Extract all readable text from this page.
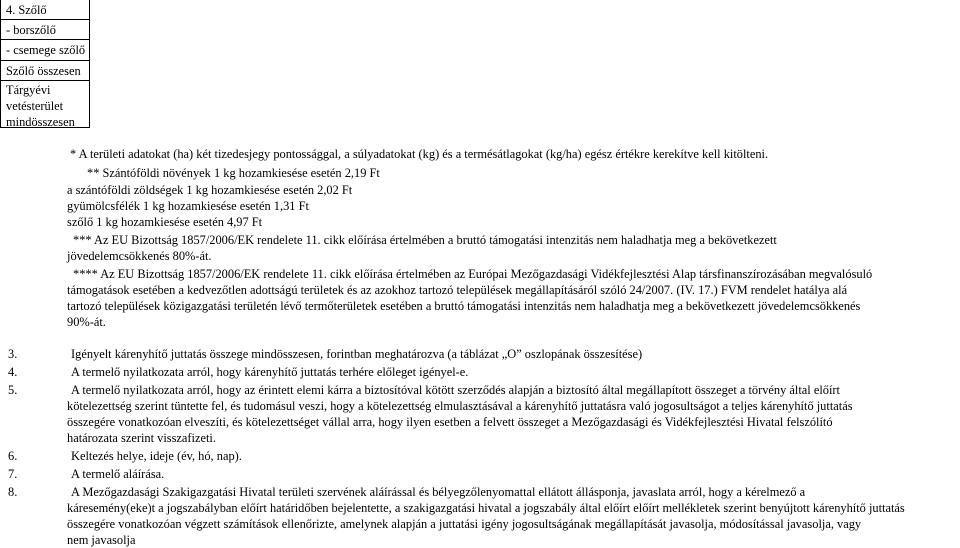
4. Szőlő
- borszőlő
- csemege szőlő
Szőlő összesen
Tárgyévi
vetésterület
mindösszesen
* A területi adatokat (ha) két tizedesjegy pontossággal, a súlyadatokat (kg) és a termésátlagokat (kg/ha) egész értékre kerekítve kell kitölteni.
** Szántóföldi növények 1 kg hozamkiesése esetén 2,19 Ft
a szántóföldi zöldségek 1 kg hozamkiesése esetén 2,02 Ft
gyümölcsfélék 1 kg hozamkiesése esetén 1,31 Ft
szőlő 1 kg hozamkiesése esetén 4,97 Ft
*** Az EU Bizottság 1857/2006/EK rendelete 11. cikk előírása értelmében a bruttó támogatási intenzitás nem haladhatja meg a bekövetkezett
jövedelemcsökkenés 80%-át.
**** Az EU Bizottság 1857/2006/EK rendelete 11. cikk előírása értelmében az Európai Mezőgazdasági Vidékfejlesztési Alap társfinanszírozásában megvalósuló
támogatások esetében a kedvezőtlen adottságú területek és az azokhoz tartozó települések megállapításáról szóló 24/2007. (IV. 17.) FVM rendelet hatálya alá
tartozó települések közigazgatási területén lévő termőterületek esetében a bruttó támogatási intenzitás nem haladhatja meg a bekövetkezett jövedelemcsökkenés
90%-át.
3.	Igényelt kárenyhítő juttatás összege mindösszesen, forintban meghatározva (a táblázat „O” oszlopának összesítése)
4.	A termelő nyilatkozata arról, hogy kárenyhítő juttatás terhére előleget igényel-e.
5.	A termelő nyilatkozata arról, hogy az érintett elemi kárra a biztosítóval kötött szerződés alapján a biztosító által megállapított összeget a törvény által előírt
kötelezettség szerint tüntette fel, és tudomásul veszi, hogy a kötelezettség elmulasztásával a kárenyhítő juttatásra való jogosultságot a teljes kárenyhítő juttatás
összegére vonatkozóan elveszíti, és kötelezettséget vállal arra, hogy ilyen esetben a felvett összeget a Mezőgazdasági és Vidékfejlesztési Hivatal felszólító
határozata szerint visszafizeti.
6.	Keltezés helye, ideje (év, hó, nap).
7.	A termelő aláírása.
8.	A Mezőgazdasági Szakigazgatási Hivatal területi szervének aláírással és bélyegzőlenyomattal ellátott állásponja, javaslata arról, hogy a kérelmező a
káresemény(eke)t a jogszabályban előírt határidőben bejelentette, a szakigazgatási hivatal a jogszabály által előírt előírt mellékletek szerint benyújtott kárenyhítő juttatás
összegére vonatkozóan végzett számítások ellenőrizte, amelynek alapján a juttatási igény jogosultságának megállapítását javasolja, módosítással javasolja, vagy
nem javasolja
